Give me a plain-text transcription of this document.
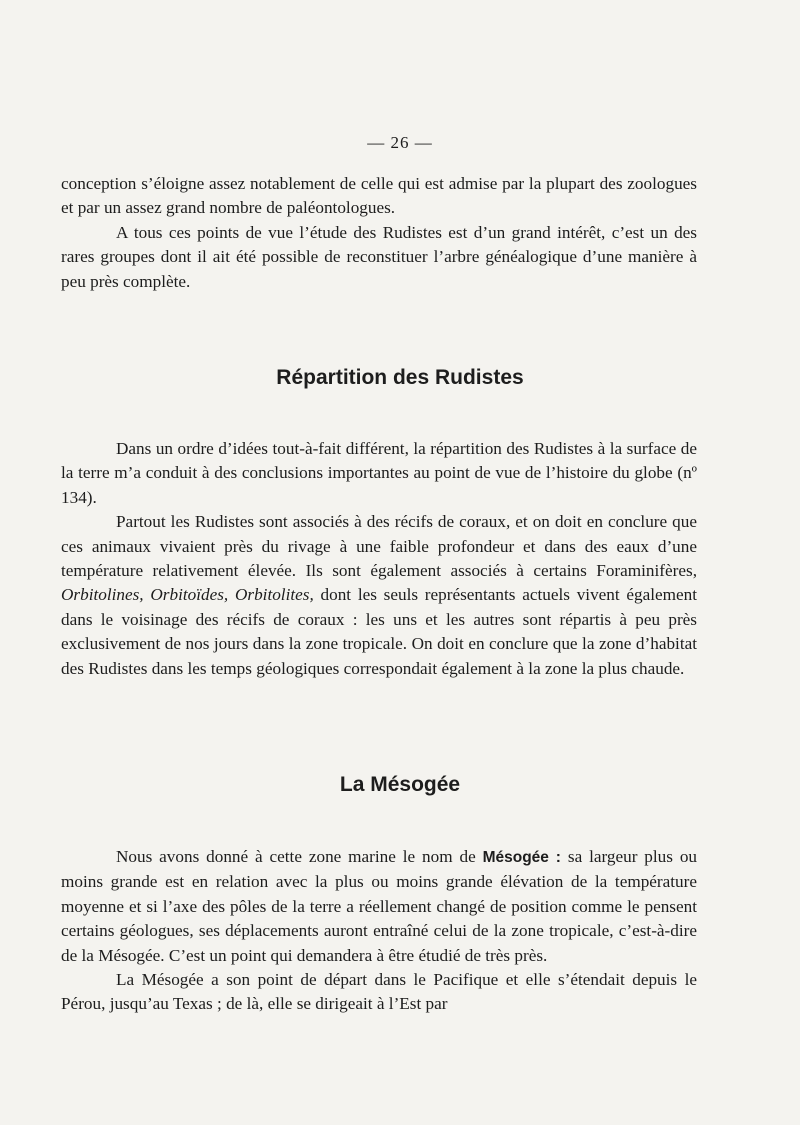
— 26 —

conception s’éloigne assez notablement de celle qui est admise par la plupart des zoologues et par un assez grand nombre de paléontologues.

A tous ces points de vue l’étude des Rudistes est d’un grand intérêt, c’est un des rares groupes dont il ait été possible de reconstituer l’arbre généalogique d’une manière à peu près complète.

Répartition des Rudistes

Dans un ordre d’idées tout-à-fait différent, la répartition des Rudistes à la surface de la terre m’a conduit à des conclusions importantes au point de vue de l’histoire du globe (nº 134).

Partout les Rudistes sont associés à des récifs de coraux, et on doit en conclure que ces animaux vivaient près du rivage à une faible profondeur et dans des eaux d’une température relativement élevée. Ils sont également associés à certains Foraminifères, Orbitolines, Orbitoïdes, Orbitolites, dont les seuls représentants actuels vivent également dans le voisinage des récifs de coraux : les uns et les autres sont répartis à peu près exclusivement de nos jours dans la zone tropicale. On doit en conclure que la zone d’habitat des Rudistes dans les temps géologiques correspondait également à la zone la plus chaude.

La Mésogée

Nous avons donné à cette zone marine le nom de Mésogée : sa largeur plus ou moins grande est en relation avec la plus ou moins grande élévation de la température moyenne et si l’axe des pôles de la terre a réellement changé de position comme le pensent certains géologues, ses déplacements auront entraîné celui de la zone tropicale, c’est-à-dire de la Mésogée. C’est un point qui demandera à être étudié de très près.

La Mésogée a son point de départ dans le Pacifique et elle s’étendait depuis le Pérou, jusqu’au Texas ; de là, elle se dirigeait à l’Est par
